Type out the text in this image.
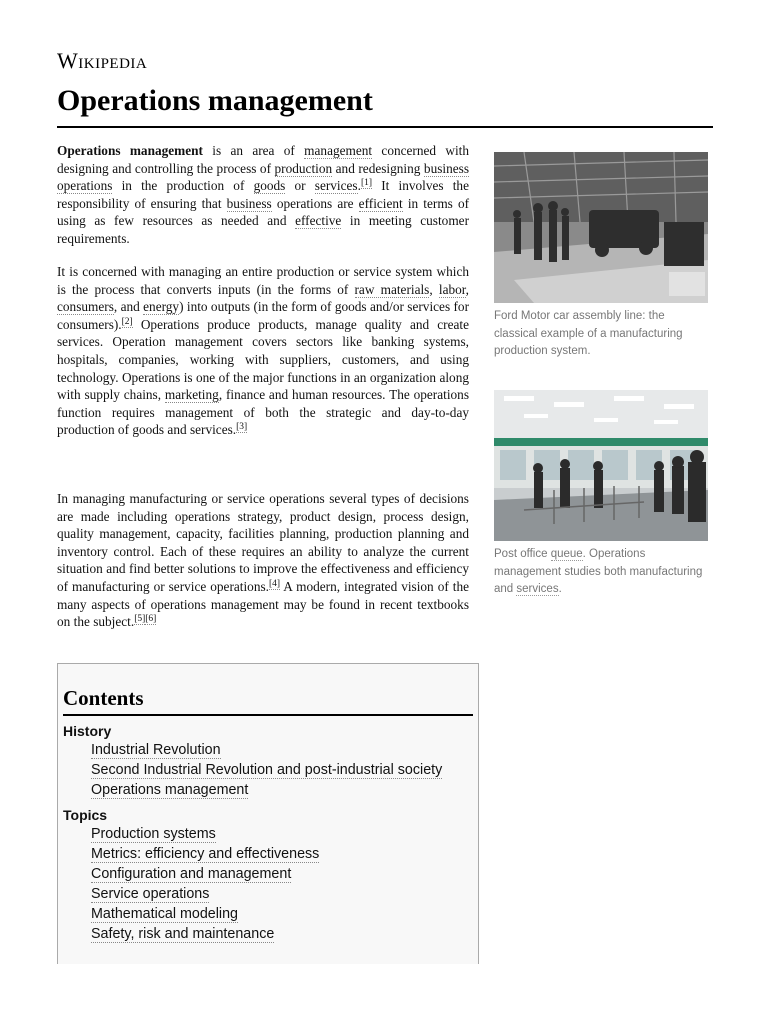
Wikipedia
Operations management

Operations management is an area of management concerned with designing and controlling the process of production and redesigning business operations in the production of goods or services.[1] It involves the responsibility of ensuring that business operations are efficient in terms of using as few resources as needed and effective in meeting customer requirements.

It is concerned with managing an entire production or service system which is the process that converts inputs (in the forms of raw materials, labor, consumers, and energy) into outputs (in the form of goods and/or services for consumers).[2] Operations produce products, manage quality and create services. Operation management covers sectors like banking systems, hospitals, companies, working with suppliers, customers, and using technology. Operations is one of the major functions in an organization along with supply chains, marketing, finance and human resources. The operations function requires management of both the strategic and day-to-day production of goods and services.[3]

In managing manufacturing or service operations several types of decisions are made including operations strategy, product design, process design, quality management, capacity, facilities planning, production planning and inventory control. Each of these requires an ability to analyze the current situation and find better solutions to improve the effectiveness and efficiency of manufacturing or service operations.[4] A modern, integrated vision of the many aspects of operations management may be found in recent textbooks on the subject.[5][6]

Ford Motor car assembly line: the classical example of a manufacturing production system.
Post office queue. Operations management studies both manufacturing and services.
Contents
History
Industrial Revolution
Second Industrial Revolution and post-industrial society
Operations management
Topics
Production systems
Metrics: efficiency and effectiveness
Configuration and management
Service operations
Mathematical modeling
Safety, risk and maintenance
